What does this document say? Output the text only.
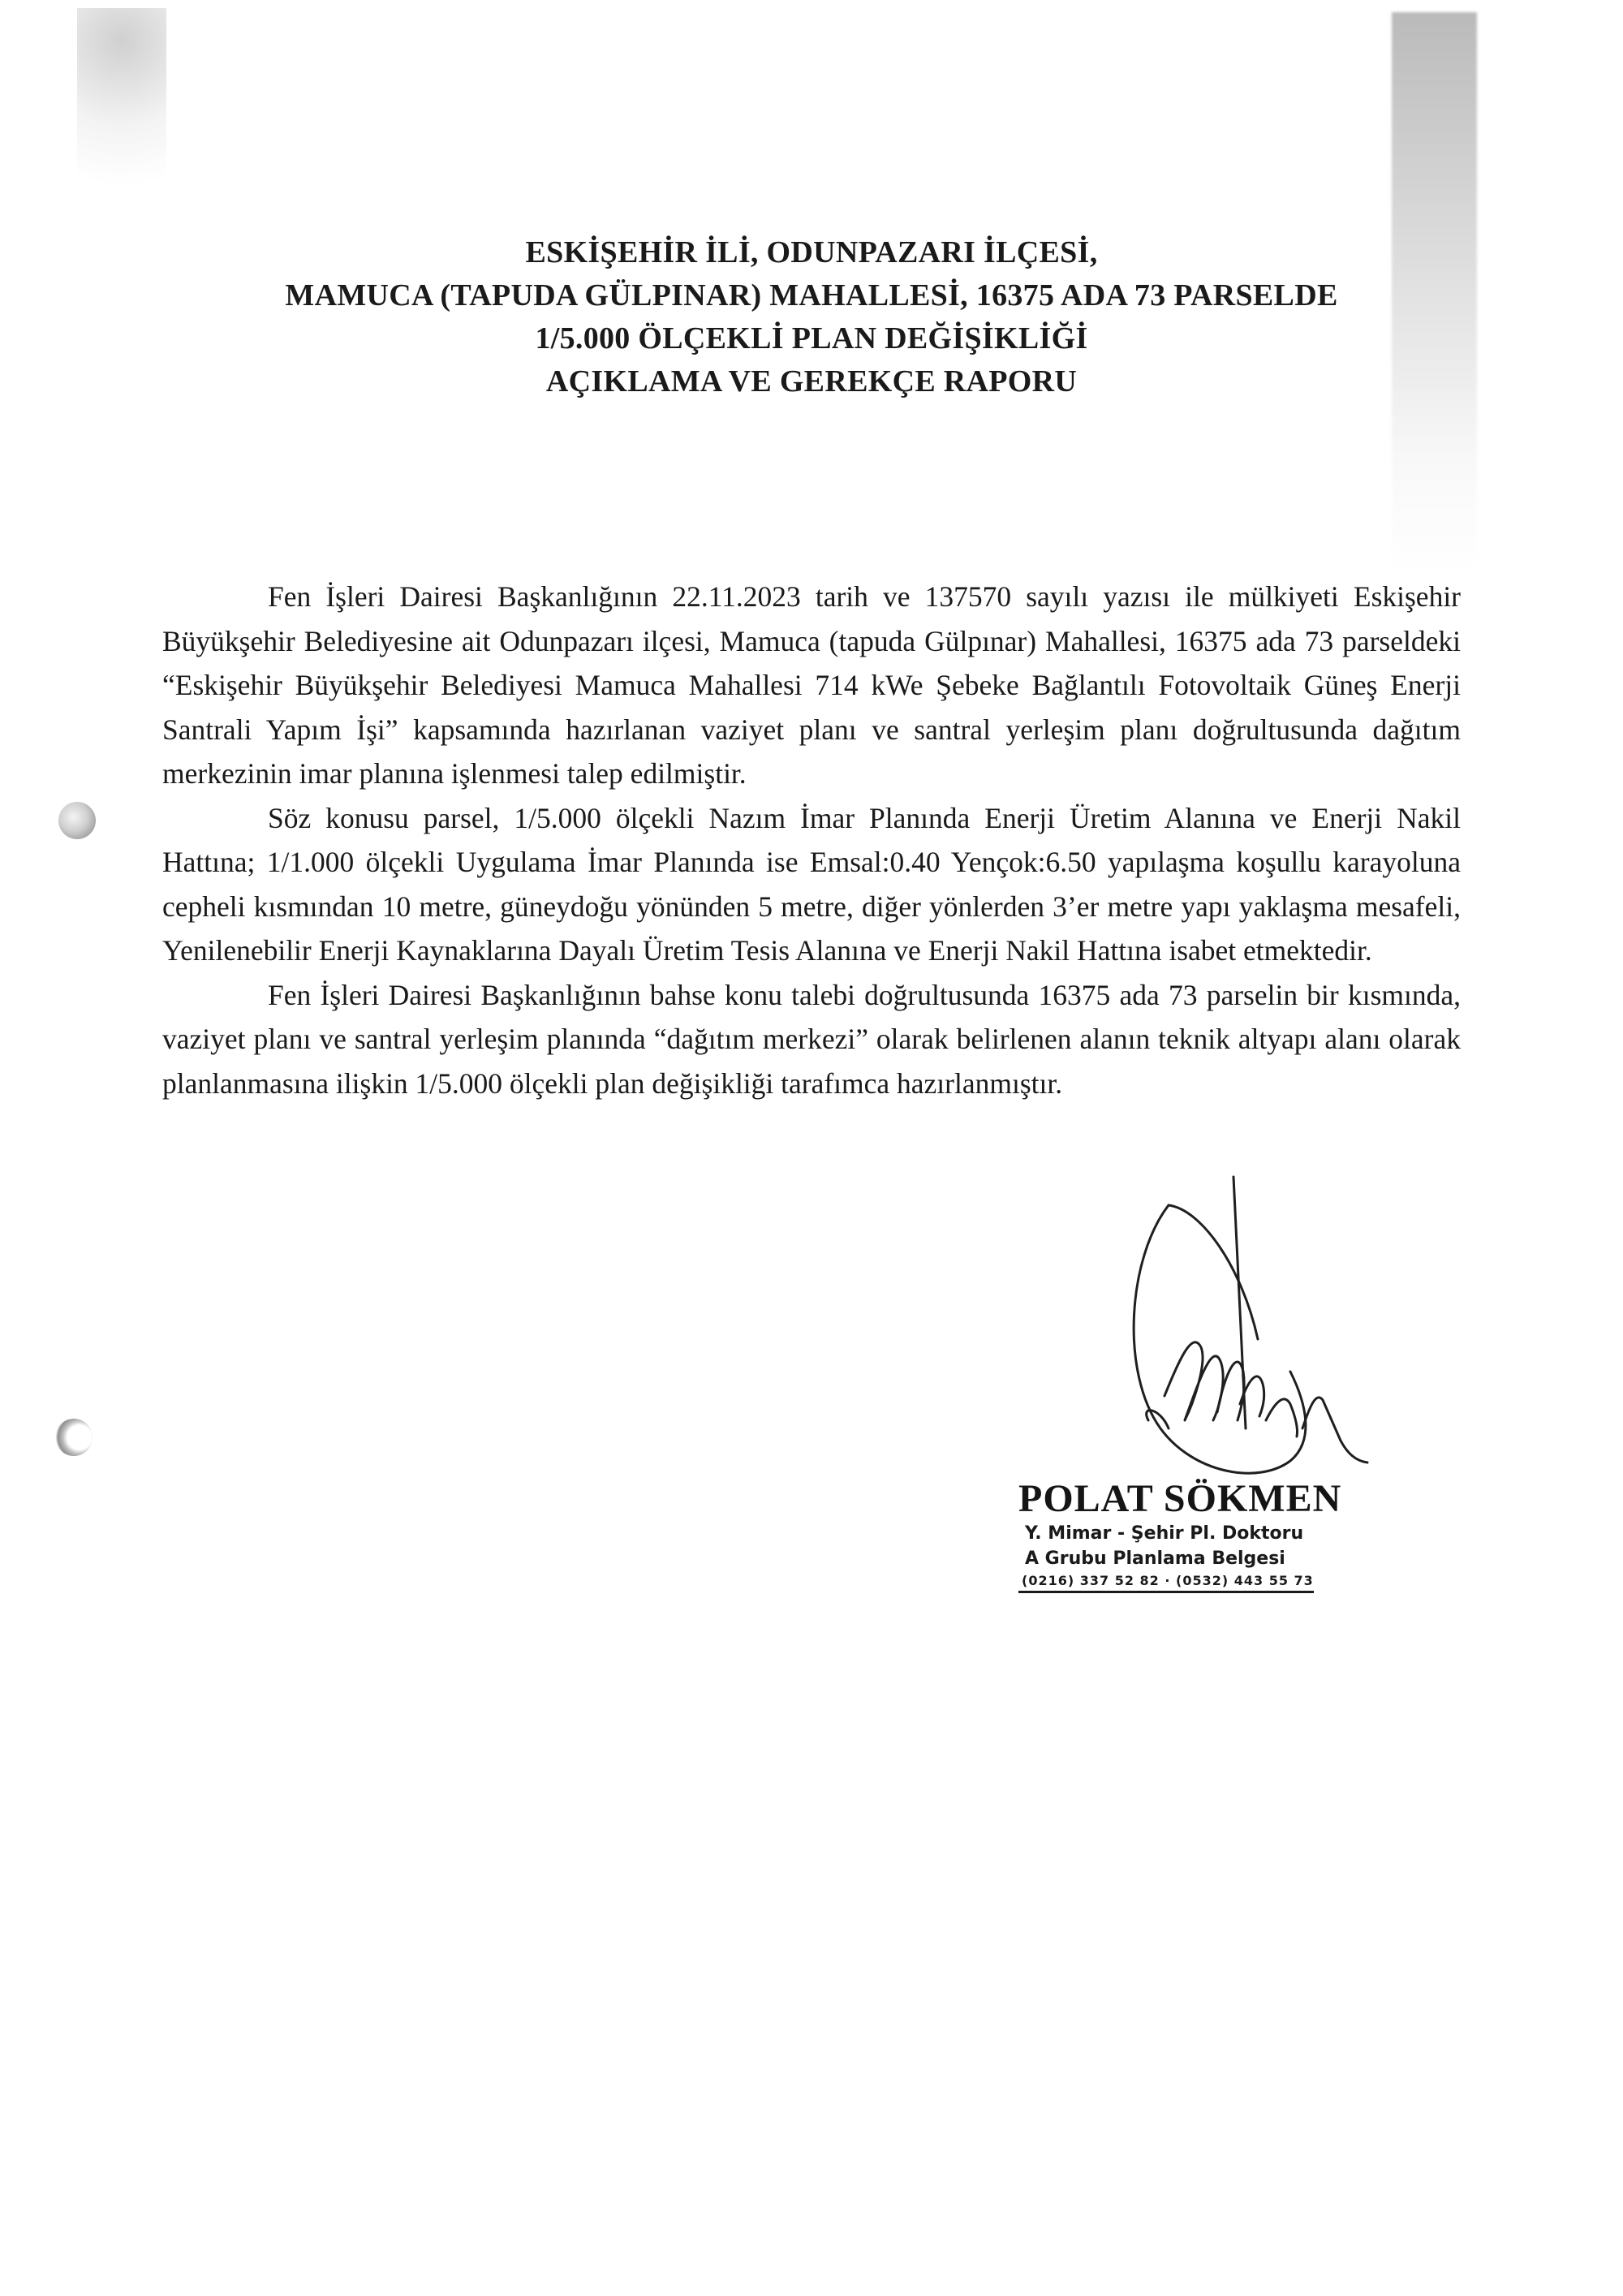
ESKİŞEHİR İLİ, ODUNPAZARI İLÇESİ,
MAMUCA (TAPUDA GÜLPINAR) MAHALLESİ, 16375 ADA 73 PARSELDE
1/5.000 ÖLÇEKLİ PLAN DEĞİŞİKLİĞİ
AÇIKLAMA VE GEREKÇE RAPORU

Fen İşleri Dairesi Başkanlığının 22.11.2023 tarih ve 137570 sayılı yazısı ile mülkiyeti Eskişehir Büyükşehir Belediyesine ait Odunpazarı ilçesi, Mamuca (tapuda Gülpınar) Mahallesi, 16375 ada 73 parseldeki “Eskişehir Büyükşehir Belediyesi Mamuca Mahallesi 714 kWe Şebeke Bağlantılı Fotovoltaik Güneş Enerji Santrali Yapım İşi” kapsamında hazırlanan vaziyet planı ve santral yerleşim planı doğrultusunda dağıtım merkezinin imar planına işlenmesi talep edilmiştir.

Söz konusu parsel, 1/5.000 ölçekli Nazım İmar Planında Enerji Üretim Alanına ve Enerji Nakil Hattına; 1/1.000 ölçekli Uygulama İmar Planında ise Emsal:0.40 Yençok:6.50 yapılaşma koşullu karayoluna cepheli kısmından 10 metre, güneydoğu yönünden 5 metre, diğer yönlerden 3’er metre yapı yaklaşma mesafeli, Yenilenebilir Enerji Kaynaklarına Dayalı Üretim Tesis Alanına ve Enerji Nakil Hattına isabet etmektedir.

Fen İşleri Dairesi Başkanlığının bahse konu talebi doğrultusunda 16375 ada 73 parselin bir kısmında, vaziyet planı ve santral yerleşim planında “dağıtım merkezi” olarak belirlenen alanın teknik altyapı alanı olarak planlanmasına ilişkin 1/5.000 ölçekli plan değişikliği tarafımca hazırlanmıştır.

POLAT SÖKMEN
Y. Mimar - Şehir Pl. Doktoru
A Grubu Planlama Belgesi
(0216) 337 52 82 · (0532) 443 55 73
